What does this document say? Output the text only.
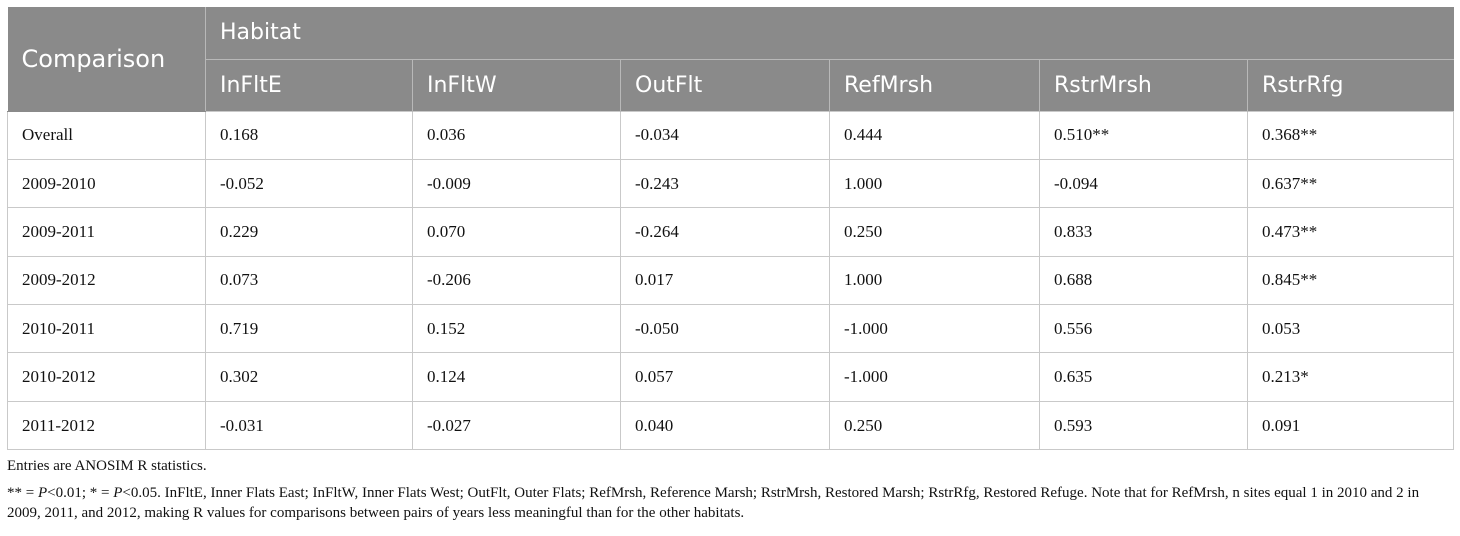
Comparison	Habitat					
	InFltE	InFltW	OutFlt	RefMrsh	RstrMrsh	RstrRfg
Overall	0.168	0.036	-0.034	0.444	0.510**	0.368**
2009-2010	-0.052	-0.009	-0.243	1.000	-0.094	0.637**
2009-2011	0.229	0.070	-0.264	0.250	0.833	0.473**
2009-2012	0.073	-0.206	0.017	1.000	0.688	0.845**
2010-2011	0.719	0.152	-0.050	-1.000	0.556	0.053
2010-2012	0.302	0.124	0.057	-1.000	0.635	0.213*
2011-2012	-0.031	-0.027	0.040	0.250	0.593	0.091

Entries are ANOSIM R statistics.

** = P<0.01; * = P<0.05. InFltE, Inner Flats East; InFltW, Inner Flats West; OutFlt, Outer Flats; RefMrsh, Reference Marsh; RstrMrsh, Restored Marsh; RstrRfg, Restored Refuge. Note that for RefMrsh, n sites equal 1 in 2010 and 2 in 2009, 2011, and 2012, making R values for comparisons between pairs of years less meaningful than for the other habitats.
